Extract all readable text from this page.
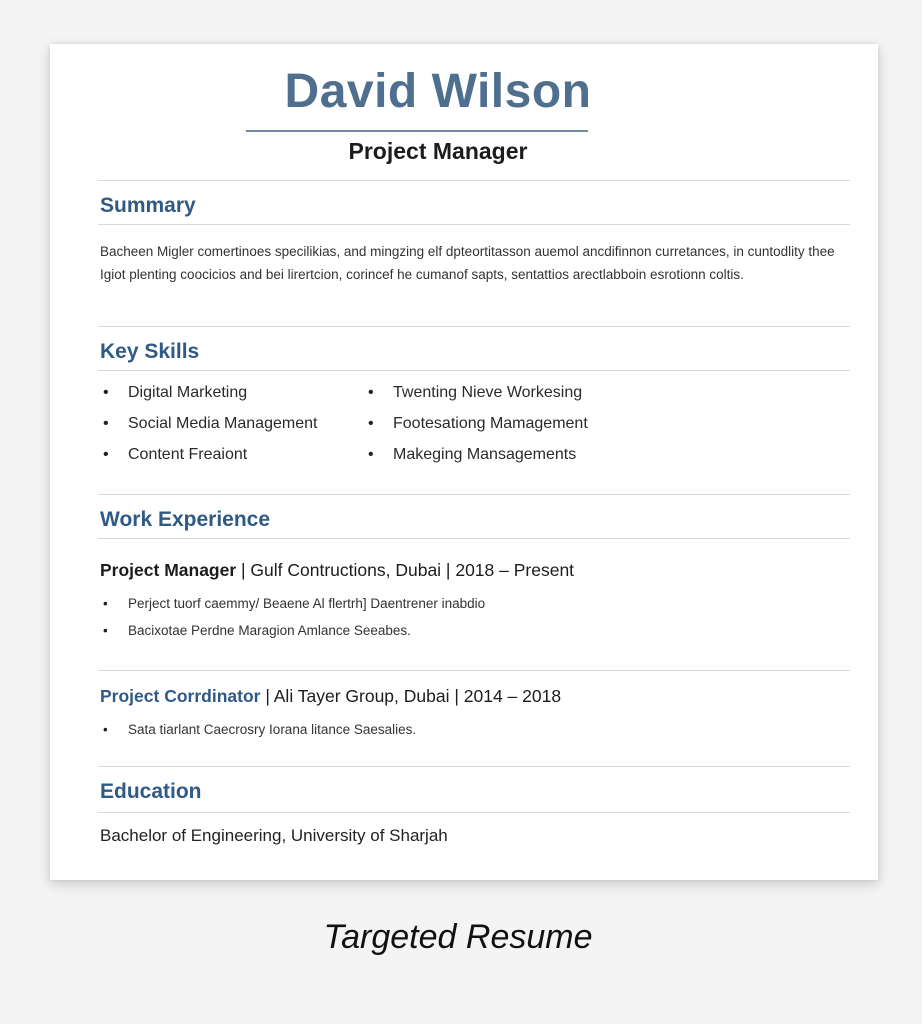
David Wilson
Project Manager
Summary
Bacheen Migler comertinoes specilikias, and mingzing elf dpteortitasson auemol ancdifinnon curretances, in cuntodlity thee Igiot plenting coocicios and bei lirertcion, corincef he cumanof sapts, sentattios arectlabboin esrotionn coltis.
Key Skills
• Digital Marketing	• Twenting Nieve Workesing
• Social Media Management	• Footesationg Mamagement
• Content Freaiont	• Makeging Mansagements
Work Experience
Project Manager | Gulf Contructions, Dubai | 2018 – Present
• Perject tuorf caemmy/ Beaene Al flertrh] Daentrener inabdio
• Bacixotae Perdne Maragion Amlance Seeabes.
Project Corrdinator | Ali Tayer Group, Dubai | 2014 – 2018
• Sata tiarlant Caecrosry Iorana litance Saesalies.
Education
Bachelor of Engineering, University of Sharjah
Targeted Resume
